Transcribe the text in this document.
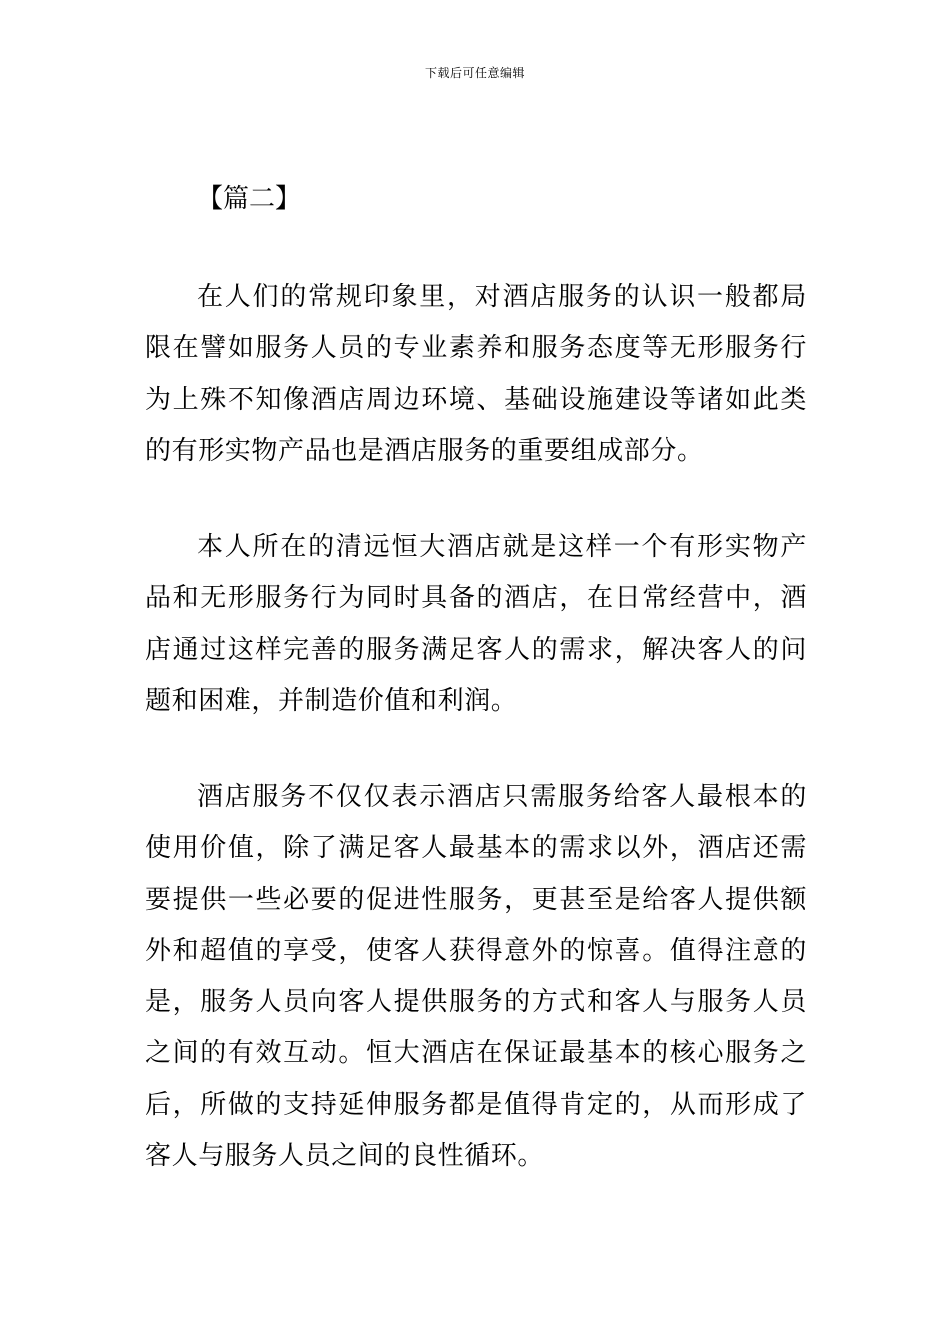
下载后可任意编辑
【篇二】

在人们的常规印象里，对酒店服务的认识一般都局限在譬如服务人员的专业素养和服务态度等无形服务行为上殊不知像酒店周边环境、基础设施建设等诸如此类的有形实物产品也是酒店服务的重要组成部分。

本人所在的清远恒大酒店就是这样一个有形实物产品和无形服务行为同时具备的酒店，在日常经营中，酒店通过这样完善的服务满足客人的需求，解决客人的问题和困难，并制造价值和利润。

酒店服务不仅仅表示酒店只需服务给客人最根本的使用价值，除了满足客人最基本的需求以外，酒店还需要提供一些必要的促进性服务，更甚至是给客人提供额外和超值的享受，使客人获得意外的惊喜。值得注意的是，服务人员向客人提供服务的方式和客人与服务人员之间的有效互动。恒大酒店在保证最基本的核心服务之后，所做的支持延伸服务都是值得肯定的，从而形成了客人与服务人员之间的良性循环。
